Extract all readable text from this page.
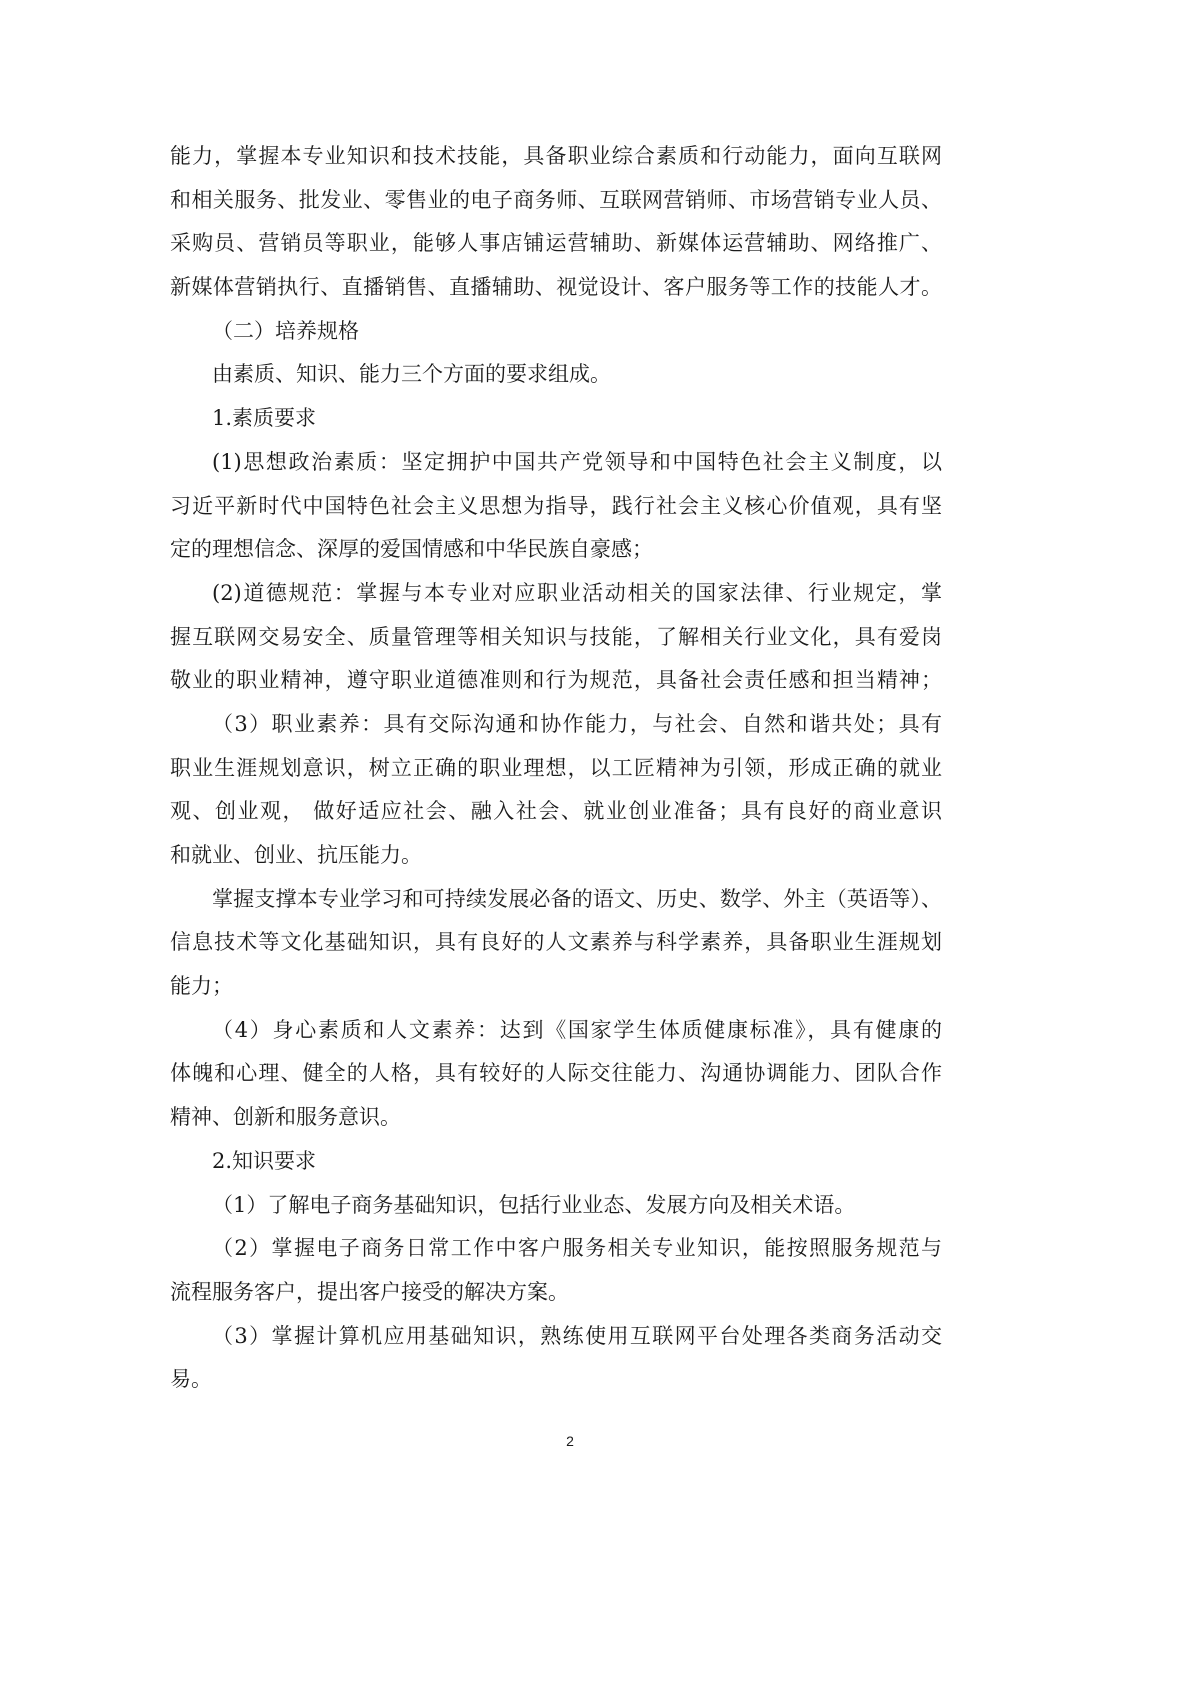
能力，掌握本专业知识和技术技能，具备职业综合素质和行动能力，面向互联网
和相关服务、批发业、零售业的电子商务师、互联网营销师、市场营销专业人员、
采购员、营销员等职业，能够人事店铺运营辅助、新媒体运营辅助、网络推广、
新媒体营销执行、直播销售、直播辅助、视觉设计、客户服务等工作的技能人才。
（二）培养规格
由素质、知识、能力三个方面的要求组成。
1.素质要求
(1)思想政治素质：坚定拥护中国共产党领导和中国特色社会主义制度，以
习近平新时代中国特色社会主义思想为指导，践行社会主义核心价值观，具有坚
定的理想信念、深厚的爱国情感和中华民族自豪感；
(2)道德规范：掌握与本专业对应职业活动相关的国家法律、行业规定，掌
握互联网交易安全、质量管理等相关知识与技能，了解相关行业文化，具有爱岗
敬业的职业精神，遵守职业道德准则和行为规范，具备社会责任感和担当精神；
（3）职业素养：具有交际沟通和协作能力，与社会、自然和谐共处；具有
职业生涯规划意识，树立正确的职业理想，以工匠精神为引领，形成正确的就业
观、创业观， 做好适应社会、融入社会、就业创业准备；具有良好的商业意识
和就业、创业、抗压能力。
掌握支撑本专业学习和可持续发展必备的语文、历史、数学、外主（英语等）、
信息技术等文化基础知识，具有良好的人文素养与科学素养，具备职业生涯规划
能力；
（4）身心素质和人文素养：达到《国家学生体质健康标准》，具有健康的
体魄和心理、健全的人格，具有较好的人际交往能力、沟通协调能力、团队合作
精神、创新和服务意识。
2.知识要求
（1）了解电子商务基础知识，包括行业业态、发展方向及相关术语。
（2）掌握电子商务日常工作中客户服务相关专业知识，能按照服务规范与
流程服务客户，提出客户接受的解决方案。
（3）掌握计算机应用基础知识，熟练使用互联网平台处理各类商务活动交
易。
2
